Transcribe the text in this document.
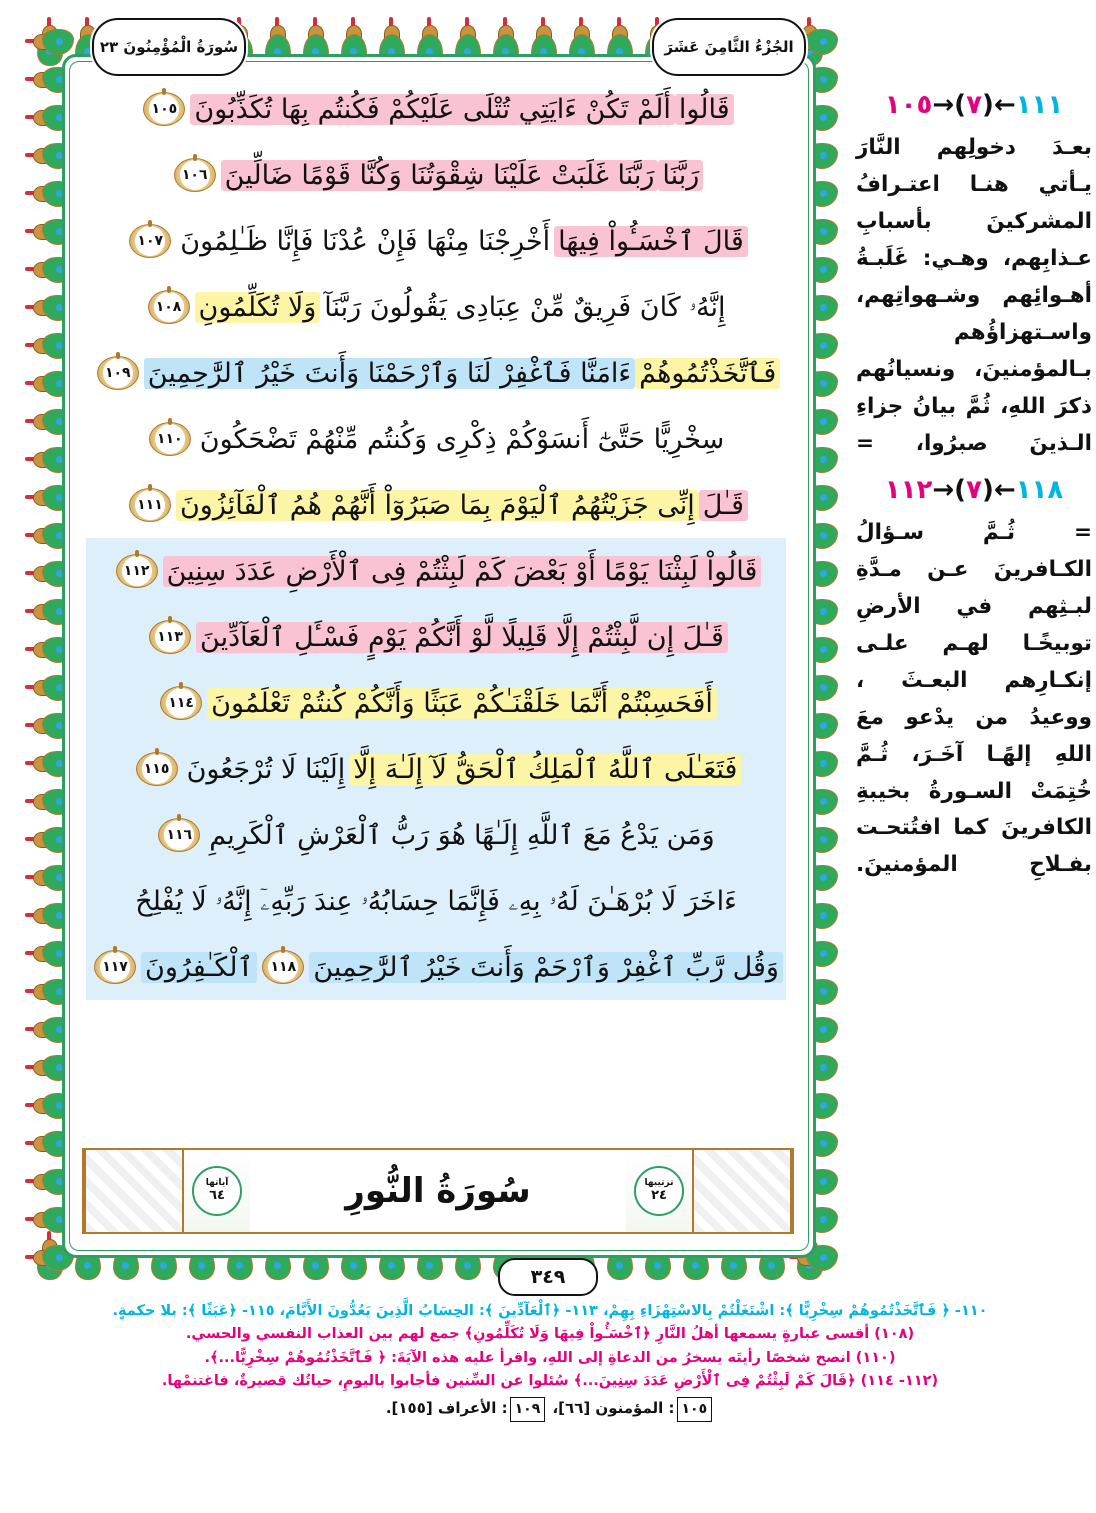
سُورَةُ الْمُؤْمِنُونَ ٢٣	الجُزْءُ الثَّامِنَ عَشَرَ
قَالُوا
أَلَمْ تَكُنْ ءَايَتِي تُتْلَى عَلَيْكُمْ فَكُنتُم بِهَا تُكَذِّبُونَ
١٠٥
رَبَّنَا
رَبَّنَا غَلَبَتْ عَلَيْنَا شِقْوَتُنَا وَكُنَّا قَوْمًا ضَالِّينَ
١٠٦
قَالَ ٱخْسَـُٔواْ فِيهَا
أَخْرِجْنَا مِنْهَا فَإِنْ عُدْنَا فَإِنَّا ظَـٰلِمُونَ
١٠٧
إِنَّهُۥ كَانَ فَرِيقٌ مِّنْ عِبَادِى يَقُولُونَ رَبَّنَآ
وَلَا تُكَلِّمُونِ
١٠٨
فَٱتَّخَذْتُمُوهُمْ
ءَامَنَّا فَٱغْفِرْ لَنَا وَٱرْحَمْنَا وَأَنتَ خَيْرُ ٱلرَّٰحِمِينَ
١٠٩
سِخْرِيًّا حَتَّىٰٓ أَنسَوْكُمْ ذِكْرِى وَكُنتُم مِّنْهُمْ تَضْحَكُونَ
١١٠
قَـٰلَ
إِنِّى جَزَيْتُهُمُ ٱلْيَوْمَ بِمَا صَبَرُوٓاْ أَنَّهُمْ هُمُ ٱلْفَآئِزُونَ
١١١
قَالُواْ لَبِثْنَا يَوْمًا أَوْ بَعْضَ
كَمْ لَبِثْتُمْ فِى ٱلْأَرْضِ عَدَدَ سِنِينَ
١١٢
قَـٰلَ إِن لَّبِثْتُمْ إِلَّا قَلِيلًا لَّوْ أَنَّكُمْ
يَوْمٍ فَسْـَٔلِ ٱلْعَآدِّينَ
١١٣
أَفَحَسِبْتُمْ أَنَّمَا خَلَقْنَـٰكُمْ عَبَثًا وَأَنَّكُمْ
كُنتُمْ تَعْلَمُونَ
١١٤
فَتَعَـٰلَى ٱللَّهُ ٱلْمَلِكُ ٱلْحَقُّ لَآ إِلَـٰهَ إِلَّا
إِلَيْنَا لَا تُرْجَعُونَ
١١٥
وَمَن يَدْعُ مَعَ ٱللَّهِ إِلَـٰهًا
هُوَ رَبُّ ٱلْعَرْشِ ٱلْكَرِيمِ
١١٦
ءَاخَرَ لَا بُرْهَـٰنَ لَهُۥ بِهِۦ فَإِنَّمَا حِسَابُهُۥ عِندَ رَبِّهِۦٓ إِنَّهُۥ لَا يُفْلِحُ
وَقُل رَّبِّ ٱغْفِرْ وَٱرْحَمْ وَأَنتَ خَيْرُ ٱلرَّٰحِمِينَ
١١٨
ٱلْكَـٰفِرُونَ
١١٧
ترتيبها
٢٤
سُورَةُ النُّورِ
آياتها
٦٤
٣٤٩
١١١
←
(
٧
)
→
١٠٥
بعـدَ دخولِهم النَّارَ يـأتي هنـا اعتـرافُ المشركينَ بأسبابِ عـذابِهم، وهـي: غَلَبـةُ أهـوائِهم وشـهواتِهم، واسـتهزاؤُهم بـالمؤمنينَ، ونسيانُهم ذكرَ اللهِ، ثُمَّ بيانُ جزاءِ الـذينَ صبرُوا، =
١١٨
←
(
٧
)
→
١١٢
= ثُـمَّ سـؤالُ الكـافرينَ عـن مـدَّةِ لبـثِهم في الأرضِ توبيخًـا لهـم علـى إنكـارِهم البعـثَ ، ووعيدُ من يدْعو معَ اللهِ إلهًـا آخَـرَ، ثُـمَّ خُتِمَتْ السـورةُ بخيبةِ الكافرينَ كما افتُتحـت بفـلاحِ المؤمنينَ.
١١٠- ﴿ فَٱتَّخَذْتُمُوهُمْ سِخْرِيًّا ﴾: اشْتَغَلْتُمْ بِالاسْتِهْزَاءِ بِهِمْ، ١١٣- ﴿ٱلْعَآدِّينَ ﴾: الحِسَابُ الَّذِينَ يَعُدُّونَ الأَيَّامَ، ١١٥- ﴿عَبَثًا ﴾: بلا حكمةٍ.
(١٠٨) أقسى عبارةٍ يسمعها أهلُ النَّارِ ﴿ٱخْسَـُٔواْ فِيهَا وَلَا تُكَلِّمُونِ﴾ جمع لهم بين العذاب النفسي والحسي.
(١١٠) انصح شخصًا رأيتَه يسخرُ من الدعاةِ إلى اللهِ، واقرأ عليه هذه الآيَةَ: ﴿ فَٱتَّخَذْتُمُوهُمْ سِخْرِيًّا...﴾.
(١١٢- ١١٤) ﴿قَالَ كَمْ لَبِثْتُمْ فِى ٱلْأَرْضِ عَدَدَ سِنِينَ...﴾ سُئلوا عن السِّنين فأجابوا باليومِ، حياتُك قصيرةٌ، فاغتنمْها.
١٠٥: المؤمنون [٦٦]، ١٠٩: الأعراف [١٥٥].
